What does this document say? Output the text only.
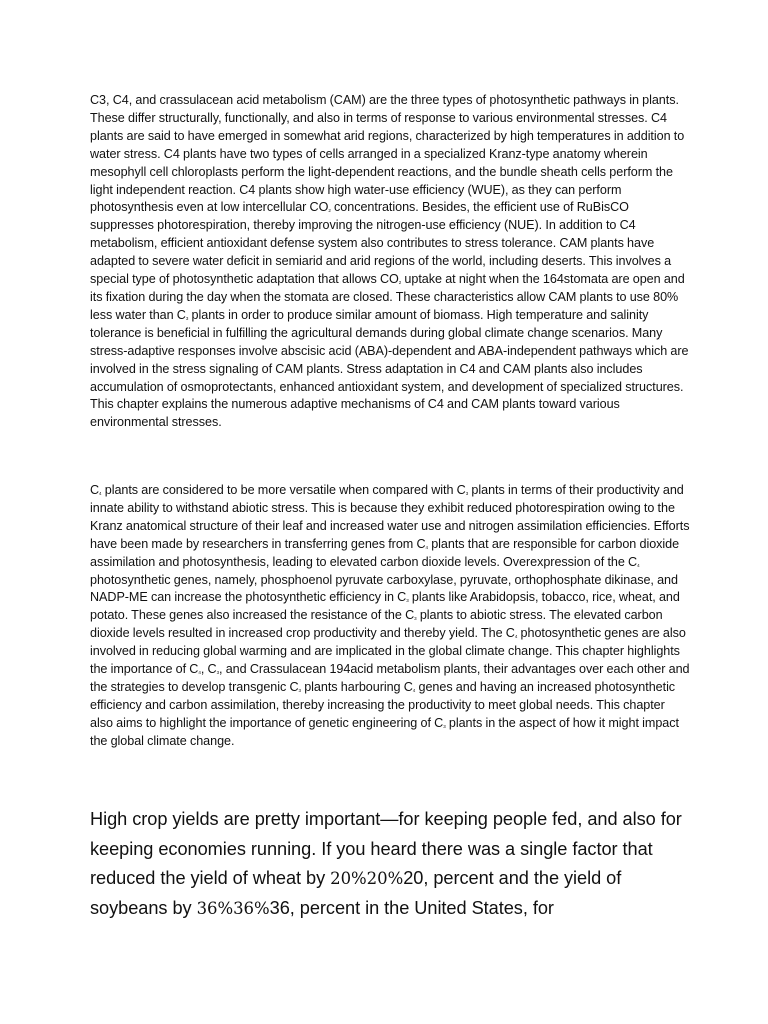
C3, C4, and crassulacean acid metabolism (CAM) are the three types of photosynthetic pathways in plants. These differ structurally, functionally, and also in terms of response to various environmental stresses. C4 plants are said to have emerged in somewhat arid regions, characterized by high temperatures in addition to water stress. C4 plants have two types of cells arranged in a specialized Kranz-type anatomy wherein mesophyll cell chloroplasts perform the light-dependent reactions, and the bundle sheath cells perform the light independent reaction. C4 plants show high water-use efficiency (WUE), as they can perform photosynthesis even at low intercellular $CO_2$ concentrations. Besides, the efficient use of RuBisCO suppresses photorespiration, thereby improving the nitrogen-use efficiency (NUE). In addition to C4 metabolism, efficient antioxidant defense system also contributes to stress tolerance. CAM plants have adapted to severe water deficit in semiarid and arid regions of the world, including deserts. This involves a special type of photosynthetic adaptation that allows $CO_2$ uptake at night when the 164stomata are open and its fixation during the day when the stomata are closed. These characteristics allow CAM plants to use 80% less water than $C_3$ plants in order to produce similar amount of biomass. High temperature and salinity tolerance is beneficial in fulfilling the agricultural demands during global climate change scenarios. Many stress-adaptive responses involve abscisic acid (ABA)-dependent and ABA-independent pathways which are involved in the stress signaling of CAM plants. Stress adaptation in C4 and CAM plants also includes accumulation of osmoprotectants, enhanced antioxidant system, and development of specialized structures. This chapter explains the numerous adaptive mechanisms of C4 and CAM plants toward various environmental stresses.

$C_4$ plants are considered to be more versatile when compared with $C_3$ plants in terms of their productivity and innate ability to withstand abiotic stress. This is because they exhibit reduced photorespiration owing to the Kranz anatomical structure of their leaf and increased water use and nitrogen assimilation efficiencies. Efforts have been made by researchers in transferring genes from $C_4$ plants that are responsible for carbon dioxide assimilation and photosynthesis, leading to elevated carbon dioxide levels. Overexpression of the $C_4$ photosynthetic genes, namely, phosphoenol pyruvate carboxylase, pyruvate, orthophosphate dikinase, and NADP-ME can increase the photosynthetic efficiency in $C_3$ plants like Arabidopsis, tobacco, rice, wheat, and potato. These genes also increased the resistance of the $C_3$ plants to abiotic stress. The elevated carbon dioxide levels resulted in increased crop productivity and thereby yield. The $C_4$ photosynthetic genes are also involved in reducing global warming and are implicated in the global climate change. This chapter highlights the importance of $C_4$, $C_3$, and Crassulacean 194acid metabolism plants, their advantages over each other and the strategies to develop transgenic $C_3$ plants harbouring $C_4$ genes and having an increased photosynthetic efficiency and carbon assimilation, thereby increasing the productivity to meet global needs. This chapter also aims to highlight the importance of genetic engineering of $C_3$ plants in the aspect of how it might impact the global climate change.

High crop yields are pretty important—for keeping people fed, and also for keeping economies running. If you heard there was a single factor that reduced the yield of wheat by 20%20%20, percent and the yield of soybeans by 36%36%36, percent in the United States, for
